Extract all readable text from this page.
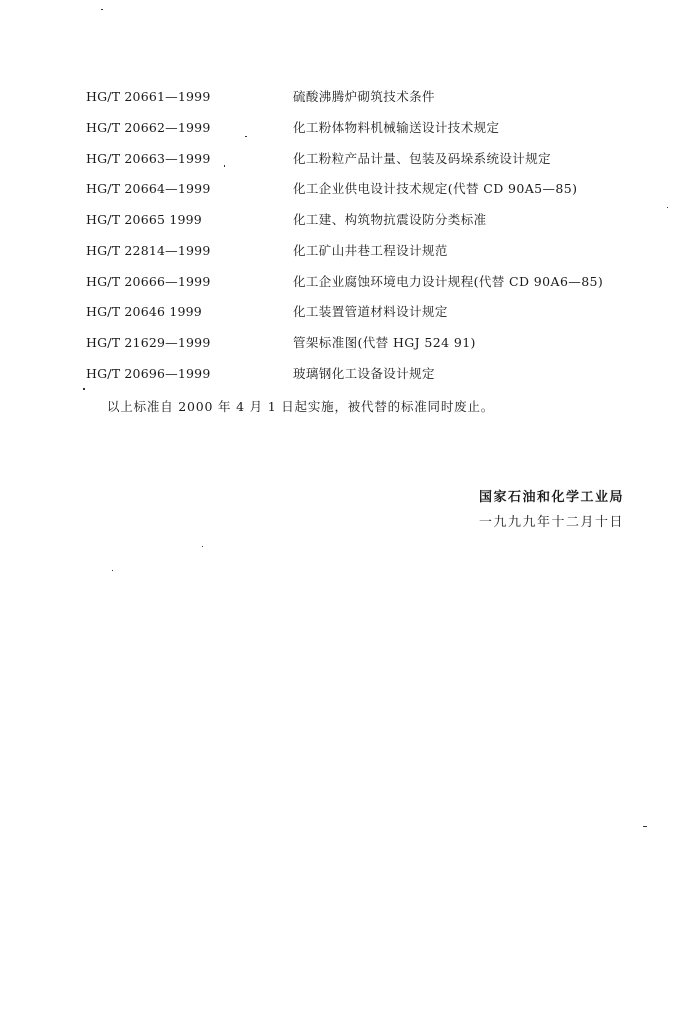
HG/T 20661—1999	硫酸沸腾炉砌筑技术条件
HG/T 20662—1999	化工粉体物料机械输送设计技术规定
HG/T 20663—1999	化工粉粒产品计量、包装及码垛系统设计规定
HG/T 20664—1999	化工企业供电设计技术规定(代替 CD 90A5—85)
HG/T 20665 1999	化工建、构筑物抗震设防分类标准
HG/T 22814—1999	化工矿山井巷工程设计规范
HG/T 20666—1999	化工企业腐蚀环境电力设计规程(代替 CD 90A6—85)
HG/T 20646 1999	化工装置管道材料设计规定
HG/T 21629—1999	管架标准图(代替 HGJ 524 91)
HG/T 20696—1999	玻璃钢化工设备设计规定
以上标准自 2000 年 4 月 1 日起实施，被代替的标准同时废止。
国家石油和化学工业局
一九九九年十二月十日
